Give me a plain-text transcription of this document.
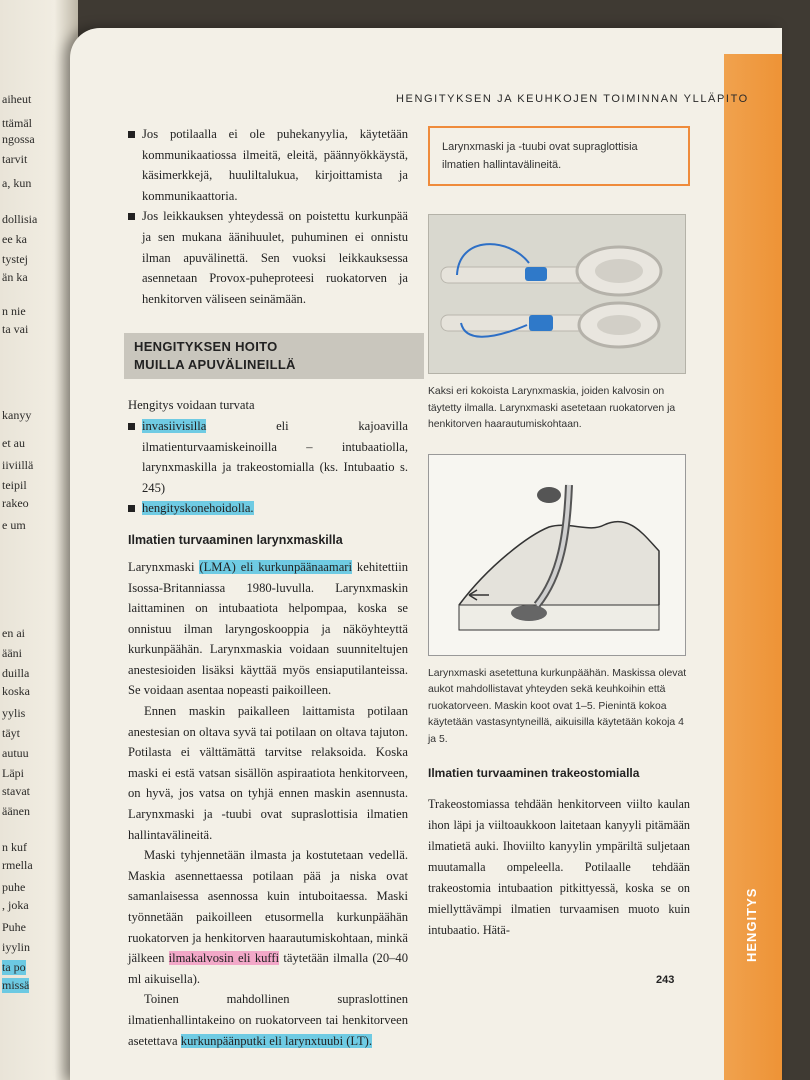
aiheut
ttämäl
ngossa
tarvit
a, kun
dollisia
ee ka
tystej
än ka
n nie
ta vai
kanyy
et au
iiviillä
teipil
rakeo
e um
en ai
ääni
duilla
koska
yylis
täyt
autuu
Läpi
stavat
äänen
n kuf
rmella
puhe
, joka
Puhe
iyylin
ta po
missä
HENGITYS
HENGITYKSEN JA KEUHKOJEN TOIMINNAN YLLÄPITO
Jos potilaalla ei ole puhekanyylia, käytetään kommunikaatiossa ilmeitä, eleitä, päännyökkäystä, käsimerkkejä, huuliltalukua, kirjoittamista ja kommunikaattoria.
Jos leikkauksen yhteydessä on poistettu kurkunpää ja sen mukana äänihuulet, puhuminen ei onnistu ilman apuvälinettä. Sen vuoksi leikkauksessa asennetaan Provox-puheproteesi ruokatorven ja henkitorven väliseen seinämään.
HENGITYKSEN HOITO
MUILLA APUVÄLINEILLÄ

Hengitys voidaan turvata

invasiivisilla eli kajoavilla ilmatienturvaamiskeinoilla – intubaatiolla, larynxmaskilla ja trakeostomialla (ks. Intubaatio s. 245)
hengityskonehoidolla.
Ilmatien turvaaminen larynxmaskilla

Larynxmaski (LMA) eli kurkunpäänaamari kehitettiin Isossa-Britanniassa 1980-luvulla. Larynxmaskin laittaminen on intubaatiota helpompaa, koska se onnistuu ilman laryngoskooppia ja näköyhteyttä kurkunpäähän. Larynxmaskia voidaan suunniteltujen anestesioiden lisäksi käyttää myös ensiaputilanteissa. Se voidaan asentaa nopeasti paikoilleen.

Ennen maskin paikalleen laittamista potilaan anestesian on oltava syvä tai potilaan on oltava tajuton. Potilasta ei välttämättä tarvitse relaksoida. Koska maski ei estä vatsan sisällön aspiraatiota henkitorveen, on hyvä, jos vatsa on tyhjä ennen maskin asennusta. Larynxmaski ja -tuubi ovat supraslottisia ilmatien hallintavälineitä.

Maski tyhjennetään ilmasta ja kostutetaan vedellä. Maskia asennettaessa potilaan pää ja niska ovat samanlaisessa asennossa kuin intuboitaessa. Maski työnnetään paikoilleen etusormella kurkunpäähän ruokatorven ja henkitorven haarautumiskohtaan, minkä jälkeen ilmakalvosin eli kuffi täytetään ilmalla (20–40 ml aikuisella).

Toinen mahdollinen supraslottinen ilmatienhallintakeino on ruokatorveen tai henkitorveen asetettava kurkunpäänputki eli larynxtuubi (LT).

Larynxmaski ja -tuubi ovat supraglottisia ilmatien hallintavälineitä.
Kaksi eri kokoista Larynxmaskia, joiden kalvosin on täytetty ilmalla. Larynxmaski asetetaan ruokatorven ja henkitorven haarautumiskohtaan.
Larynxmaski asetettuna kurkunpäähän. Maskissa olevat aukot mahdollistavat yhteyden sekä keuhkoihin että ruokatorveen. Maskin koot ovat 1–5. Pienintä kokoa käytetään vastasyntyneillä, aikuisilla käytetään kokoja 4 ja 5.
Ilmatien turvaaminen trakeostomialla

Trakeostomiassa tehdään henkitorveen viilto kaulan ihon läpi ja viiltoaukkoon laitetaan kanyyli pitämään ilmatietä auki. Ihoviilto kanyylin ympäriltä suljetaan muutamalla ompeleella. Potilaalle tehdään trakeostomia intubaation pitkittyessä, koska se on miellyttävämpi ilmatien turvaamisen muoto kuin intubaatio. Hätä-

243
